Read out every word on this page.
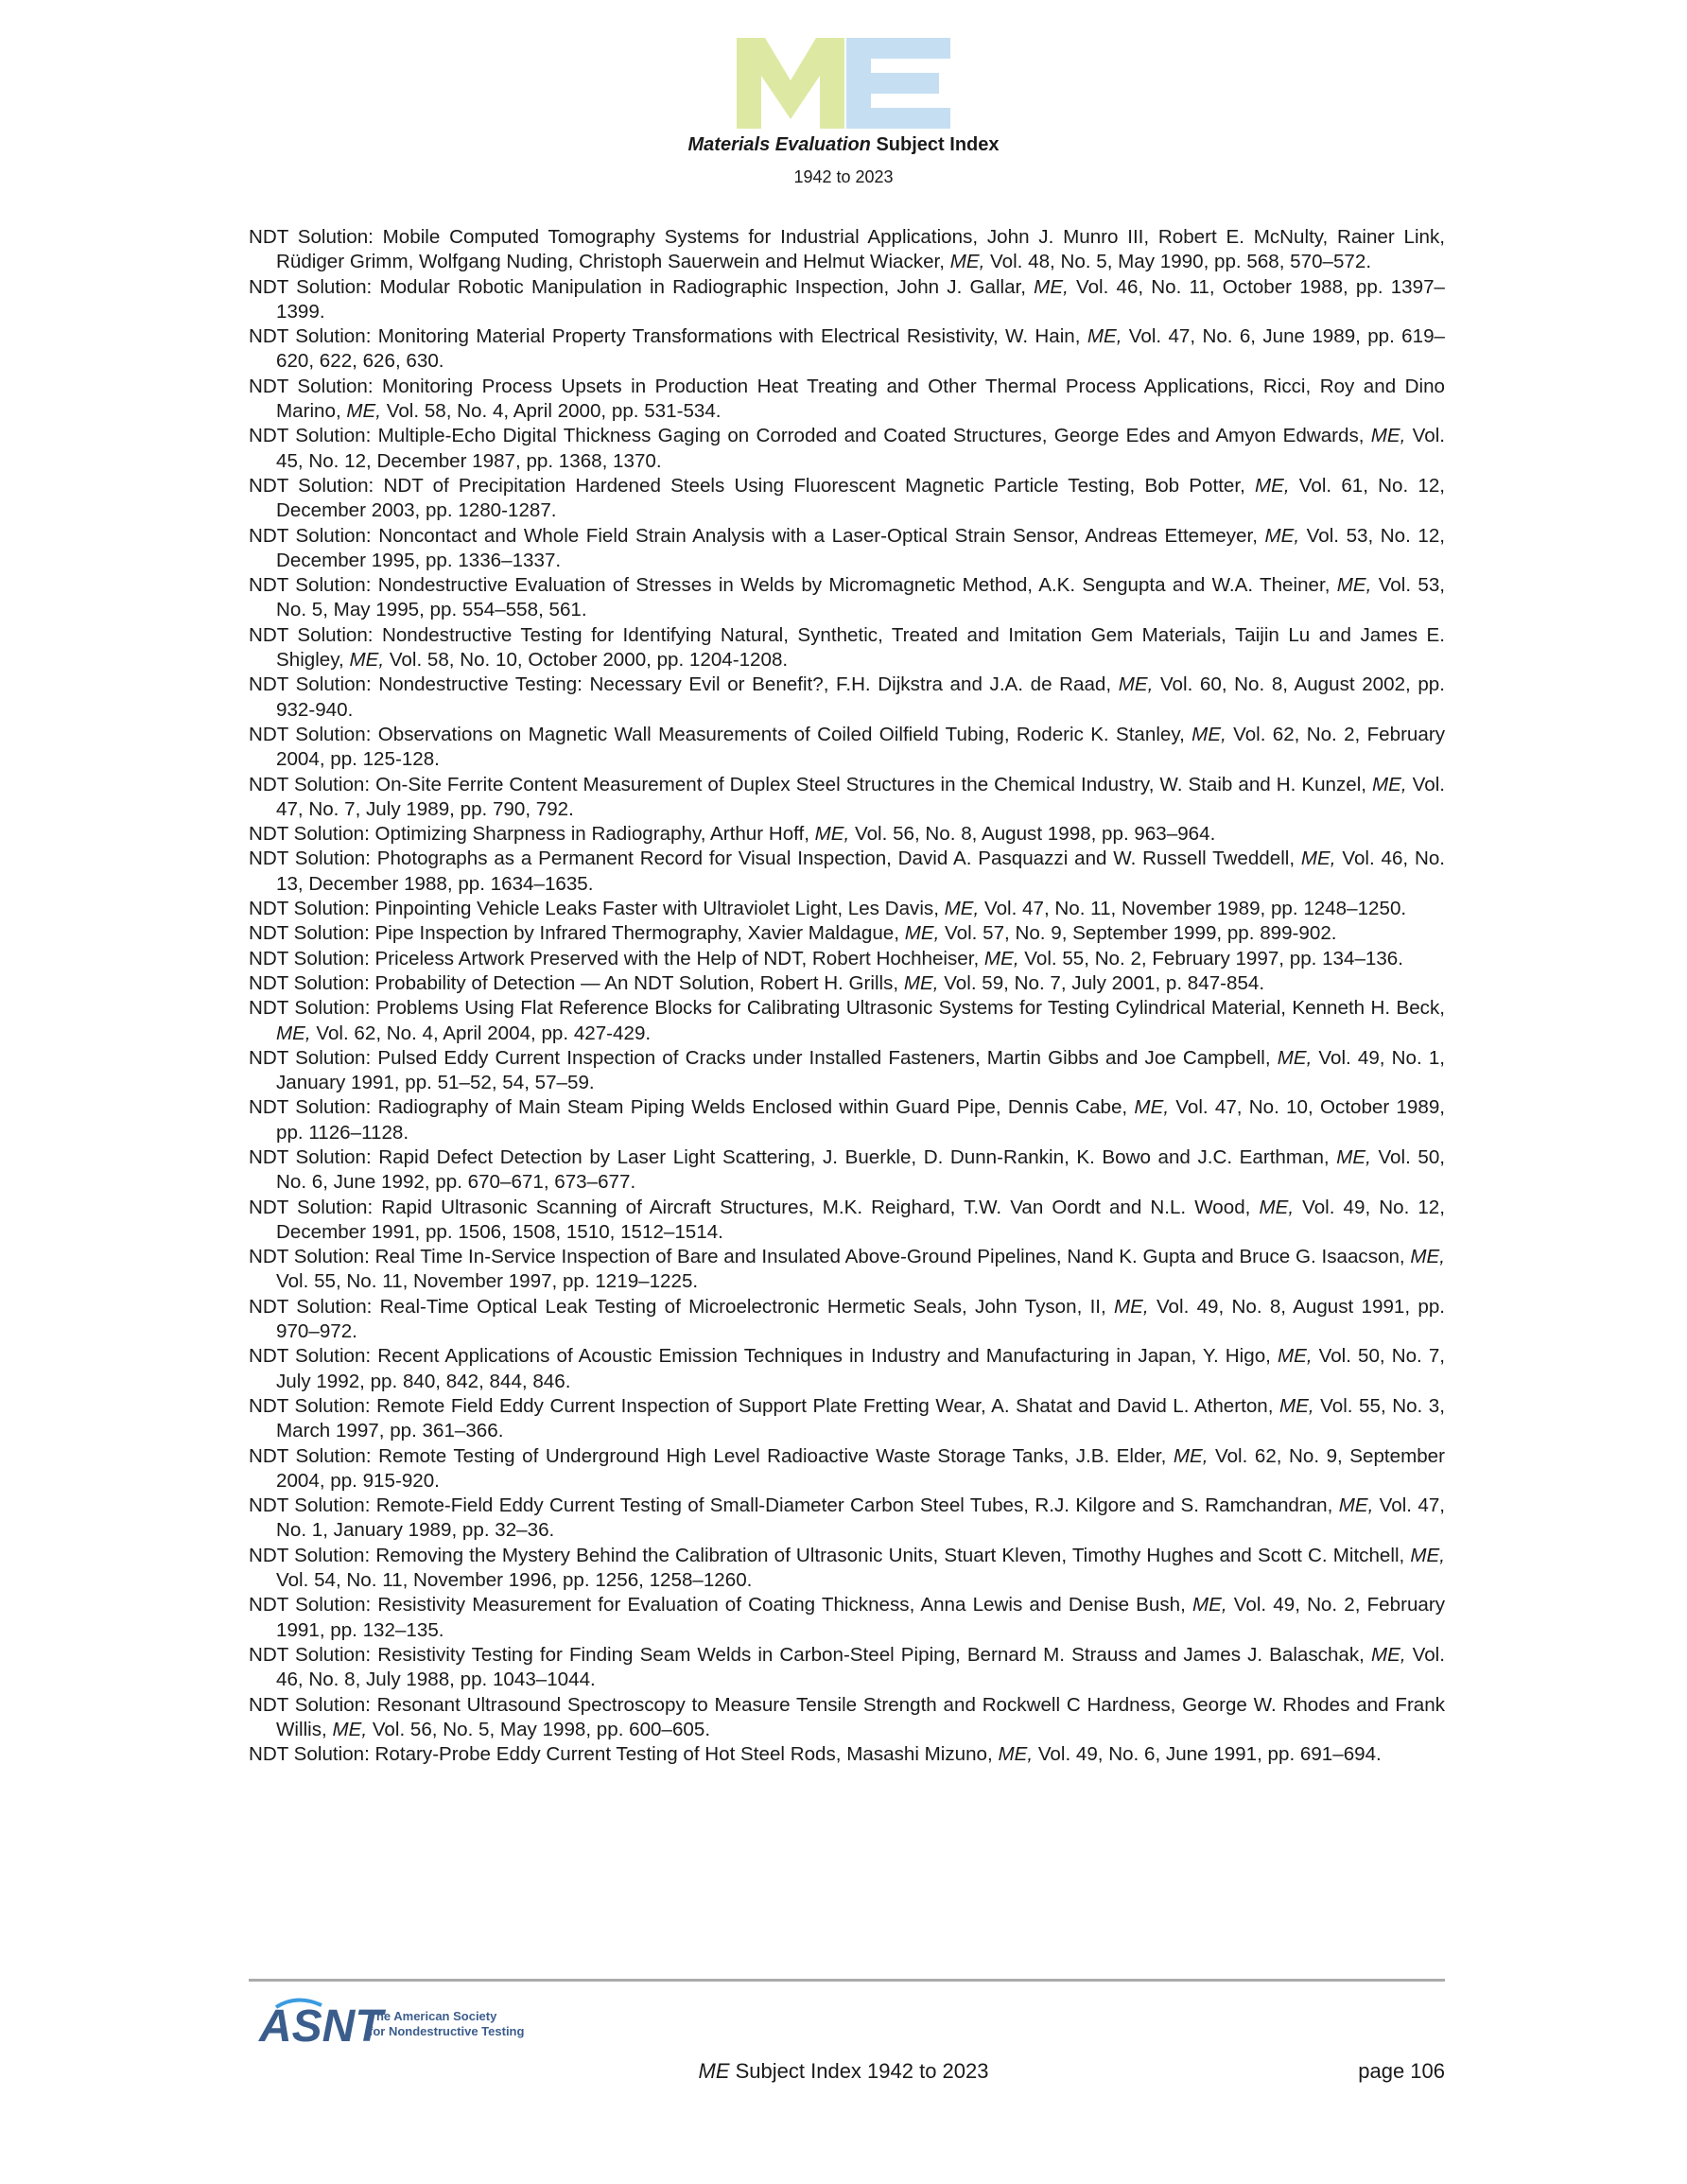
Materials Evaluation Subject Index
1942 to 2023
NDT Solution: Mobile Computed Tomography Systems for Industrial Applications, John J. Munro III, Robert E. McNulty, Rainer Link, Rüdiger Grimm, Wolfgang Nuding, Christoph Sauerwein and Helmut Wiacker, ME, Vol. 48, No. 5, May 1990, pp. 568, 570–572.
NDT Solution: Modular Robotic Manipulation in Radiographic Inspection, John J. Gallar, ME, Vol. 46, No. 11, October 1988, pp. 1397–1399.
NDT Solution: Monitoring Material Property Transformations with Electrical Resistivity, W. Hain, ME, Vol. 47, No. 6, June 1989, pp. 619–620, 622, 626, 630.
NDT Solution: Monitoring Process Upsets in Production Heat Treating and Other Thermal Process Applications, Ricci, Roy and Dino Marino, ME, Vol. 58, No. 4, April 2000, pp. 531-534.
NDT Solution: Multiple-Echo Digital Thickness Gaging on Corroded and Coated Structures, George Edes and Amyon Edwards, ME, Vol. 45, No. 12, December 1987, pp. 1368, 1370.
NDT Solution: NDT of Precipitation Hardened Steels Using Fluorescent Magnetic Particle Testing, Bob Potter, ME, Vol. 61, No. 12, December 2003, pp. 1280-1287.
NDT Solution: Noncontact and Whole Field Strain Analysis with a Laser-Optical Strain Sensor, Andreas Ettemeyer, ME, Vol. 53, No. 12, December 1995, pp. 1336–1337.
NDT Solution: Nondestructive Evaluation of Stresses in Welds by Micromagnetic Method, A.K. Sengupta and W.A. Theiner, ME, Vol. 53, No. 5, May 1995, pp. 554–558, 561.
NDT Solution: Nondestructive Testing for Identifying Natural, Synthetic, Treated and Imitation Gem Materials, Taijin Lu and James E. Shigley, ME, Vol. 58, No. 10, October 2000, pp. 1204-1208.
NDT Solution: Nondestructive Testing: Necessary Evil or Benefit?, F.H. Dijkstra and J.A. de Raad, ME, Vol. 60, No. 8, August 2002, pp. 932-940.
NDT Solution: Observations on Magnetic Wall Measurements of Coiled Oilfield Tubing, Roderic K. Stanley, ME, Vol. 62, No. 2, February 2004, pp. 125-128.
NDT Solution: On-Site Ferrite Content Measurement of Duplex Steel Structures in the Chemical Industry, W. Staib and H. Kunzel, ME, Vol. 47, No. 7, July 1989, pp. 790, 792.
NDT Solution: Optimizing Sharpness in Radiography, Arthur Hoff, ME, Vol. 56, No. 8, August 1998, pp. 963–964.
NDT Solution: Photographs as a Permanent Record for Visual Inspection, David A. Pasquazzi and W. Russell Tweddell, ME, Vol. 46, No. 13, December 1988, pp. 1634–1635.
NDT Solution: Pinpointing Vehicle Leaks Faster with Ultraviolet Light, Les Davis, ME, Vol. 47, No. 11, November 1989, pp. 1248–1250.
NDT Solution: Pipe Inspection by Infrared Thermography, Xavier Maldague, ME, Vol. 57, No. 9, September 1999, pp. 899-902.
NDT Solution: Priceless Artwork Preserved with the Help of NDT, Robert Hochheiser, ME, Vol. 55, No. 2, February 1997, pp. 134–136.
NDT Solution: Probability of Detection — An NDT Solution, Robert H. Grills, ME, Vol. 59, No. 7, July 2001, p. 847-854.
NDT Solution: Problems Using Flat Reference Blocks for Calibrating Ultrasonic Systems for Testing Cylindrical Material, Kenneth H. Beck, ME, Vol. 62, No. 4, April 2004, pp. 427-429.
NDT Solution: Pulsed Eddy Current Inspection of Cracks under Installed Fasteners, Martin Gibbs and Joe Campbell, ME, Vol. 49, No. 1, January 1991, pp. 51–52, 54, 57–59.
NDT Solution: Radiography of Main Steam Piping Welds Enclosed within Guard Pipe, Dennis Cabe, ME, Vol. 47, No. 10, October 1989, pp. 1126–1128.
NDT Solution: Rapid Defect Detection by Laser Light Scattering, J. Buerkle, D. Dunn-Rankin, K. Bowo and J.C. Earthman, ME, Vol. 50, No. 6, June 1992, pp. 670–671, 673–677.
NDT Solution: Rapid Ultrasonic Scanning of Aircraft Structures, M.K. Reighard, T.W. Van Oordt and N.L. Wood, ME, Vol. 49, No. 12, December 1991, pp. 1506, 1508, 1510, 1512–1514.
NDT Solution: Real Time In-Service Inspection of Bare and Insulated Above-Ground Pipelines, Nand K. Gupta and Bruce G. Isaacson, ME, Vol. 55, No. 11, November 1997, pp. 1219–1225.
NDT Solution: Real-Time Optical Leak Testing of Microelectronic Hermetic Seals, John Tyson, II, ME, Vol. 49, No. 8, August 1991, pp. 970–972.
NDT Solution: Recent Applications of Acoustic Emission Techniques in Industry and Manufacturing in Japan, Y. Higo, ME, Vol. 50, No. 7, July 1992, pp. 840, 842, 844, 846.
NDT Solution: Remote Field Eddy Current Inspection of Support Plate Fretting Wear, A. Shatat and David L. Atherton, ME, Vol. 55, No. 3, March 1997, pp. 361–366.
NDT Solution: Remote Testing of Underground High Level Radioactive Waste Storage Tanks, J.B. Elder, ME, Vol. 62, No. 9, September 2004, pp. 915-920.
NDT Solution: Remote-Field Eddy Current Testing of Small-Diameter Carbon Steel Tubes, R.J. Kilgore and S. Ramchandran, ME, Vol. 47, No. 1, January 1989, pp. 32–36.
NDT Solution: Removing the Mystery Behind the Calibration of Ultrasonic Units, Stuart Kleven, Timothy Hughes and Scott C. Mitchell, ME, Vol. 54, No. 11, November 1996, pp. 1256, 1258–1260.
NDT Solution: Resistivity Measurement for Evaluation of Coating Thickness, Anna Lewis and Denise Bush, ME, Vol. 49, No. 2, February 1991, pp. 132–135.
NDT Solution: Resistivity Testing for Finding Seam Welds in Carbon-Steel Piping, Bernard M. Strauss and James J. Balaschak, ME, Vol. 46, No. 8, July 1988, pp. 1043–1044.
NDT Solution: Resonant Ultrasound Spectroscopy to Measure Tensile Strength and Rockwell C Hardness, George W. Rhodes and Frank Willis, ME, Vol. 56, No. 5, May 1998, pp. 600–605.
NDT Solution: Rotary-Probe Eddy Current Testing of Hot Steel Rods, Masashi Mizuno, ME, Vol. 49, No. 6, June 1991, pp. 691–694.
ASNT
The American Society
for Nondestructive Testing
ME Subject Index 1942 to 2023	page 106
